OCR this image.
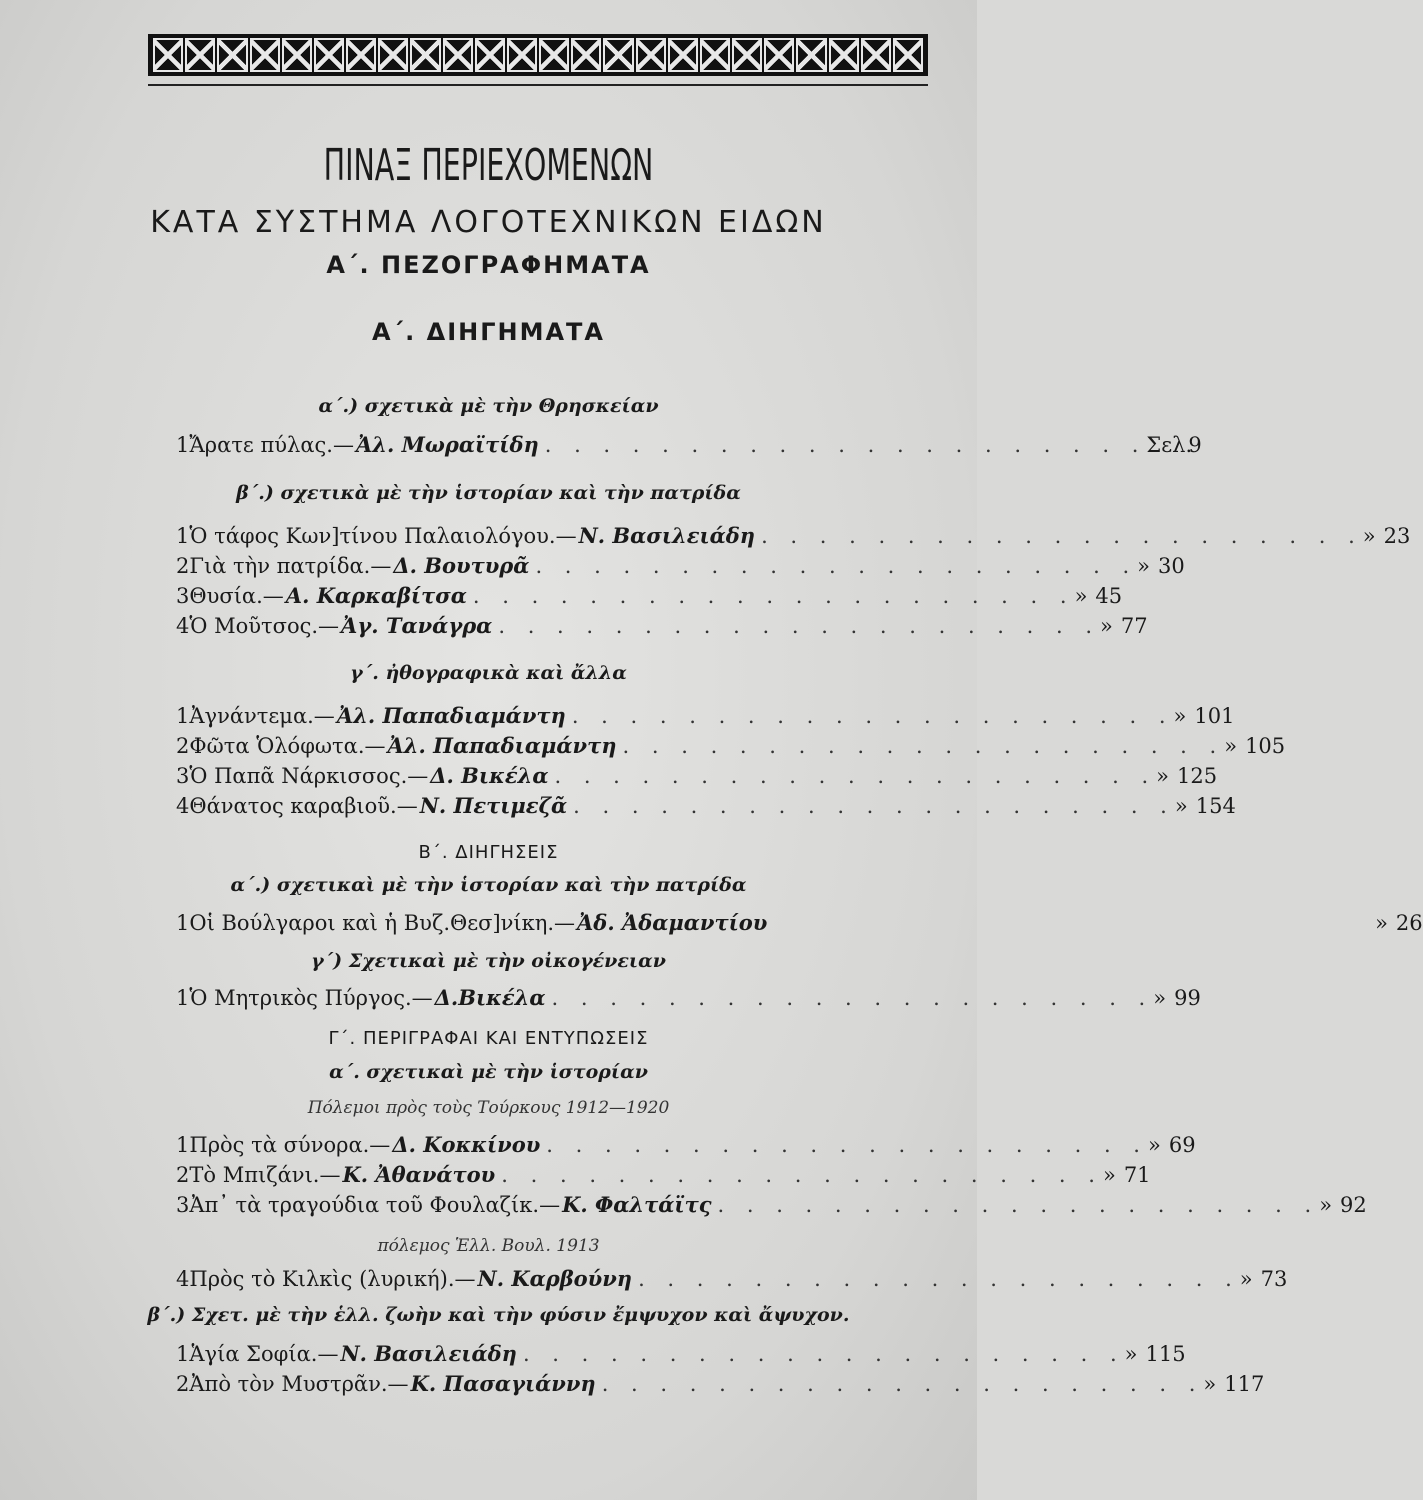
ΠΙΝΑΞ ΠΕΡΙΕΧΟΜΕΝΩΝ
ΚΑΤΑ ΣΥΣΤΗΜΑ ΛΟΓΟΤΕΧΝΙΚΩΝ ΕΙΔΩΝ
Α΄. ΠΕΖΟΓΡΑΦΗΜΑΤΑ
Α΄. ΔΙΗΓΗΜΑΤΑ
α΄.) σχετικὰ μὲ τὴν Θρησκείαν
1 Ἄρατε πύλας.— Ἀλ. Μωραϊτίδη . . . . . . . . . . . . . . . . . . . . . Σελ.
9
β΄.) σχετικὰ μὲ τὴν ἱστορίαν καὶ τὴν πατρίδα
1 Ὁ τάφος Κων]τίνου Παλαιολόγου.— Ν. Βασιλειάδη . . . . . . . . . . . . . . . . . . . . . » 23
2 Γιὰ τὴν πατρίδα.— Δ. Βουτυρᾶ . . . . . . . . . . . . . . . . . . . . . » 30
3 Θυσία.— Α. Καρκαβίτσα . . . . . . . . . . . . . . . . . . . . . » 45
4 Ὁ Μοῦτσος.— Ἀγ. Τανάγρα . . . . . . . . . . . . . . . . . . . . . » 77
γ΄. ἠθογραφικὰ καὶ ἄλλα
1 Ἀγνάντεμα.— Ἀλ. Παπαδιαμάντη . . . . . . . . . . . . . . . . . . . . . » 101
2 Φῶτα Ὁλόφωτα.— Ἀλ. Παπαδιαμάντη . . . . . . . . . . . . . . . . . . . . . » 105
3 Ὁ Παπᾶ Νάρκισσος.— Δ. Βικέλα . . . . . . . . . . . . . . . . . . . . . » 125
4 Θάνατος καραβιοῦ.— Ν. Πετιμεζᾶ . . . . . . . . . . . . . . . . . . . . . » 154
Β΄. ΔΙΗΓΗΣΕΙΣ
α΄.) σχετικαὶ μὲ τὴν ἱστορίαν καὶ τὴν πατρίδα
1 Οἱ Βούλγαροι καὶ ἡ Βυζ.Θεσ]νίκη.— Ἀδ. Ἀδαμαντίου	» 26
γ΄) Σχετικαὶ μὲ τὴν οἰκογένειαν
1 Ὁ Μητρικὸς Πύργος.— Δ.Βικέλα . . . . . . . . . . . . . . . . . . . . . » 99
Γ΄. ΠΕΡΙΓΡΑΦΑΙ ΚΑΙ ΕΝΤΥΠΩΣΕΙΣ
α΄. σχετικαὶ μὲ τὴν ἱστορίαν
Πόλεμοι πρὸς τοὺς Τούρκους 1912—1920
1 Πρὸς τὰ σύνορα.— Δ. Κοκκίνου . . . . . . . . . . . . . . . . . . . . . » 69
2 Τὸ Μπιζάνι.— Κ. Ἀθανάτου . . . . . . . . . . . . . . . . . . . . . » 71
3 Ἀπ᾿ τὰ τραγούδια τοῦ Φουλαζίκ.— Κ. Φαλτάϊτς . . . . . . . . . . . . . . . . . . . . . » 92
πόλεμος Ἑλλ. Βουλ. 1913
4 Πρὸς τὸ Κιλκὶς (λυρική).— Ν. Καρβούνη . . . . . . . . . . . . . . . . . . . . . » 73
β΄.) Σχετ. μὲ τὴν ἑλλ. ζωὴν καὶ τὴν φύσιν ἔμψυχον καὶ ἄψυχον.
1 Ἁγία Σοφία.— Ν. Βασιλειάδη . . . . . . . . . . . . . . . . . . . . . » 115
2 Ἀπὸ τὸν Μυστρᾶν.— Κ. Πασαγιάννη . . . . . . . . . . . . . . . . . . . . . » 117
